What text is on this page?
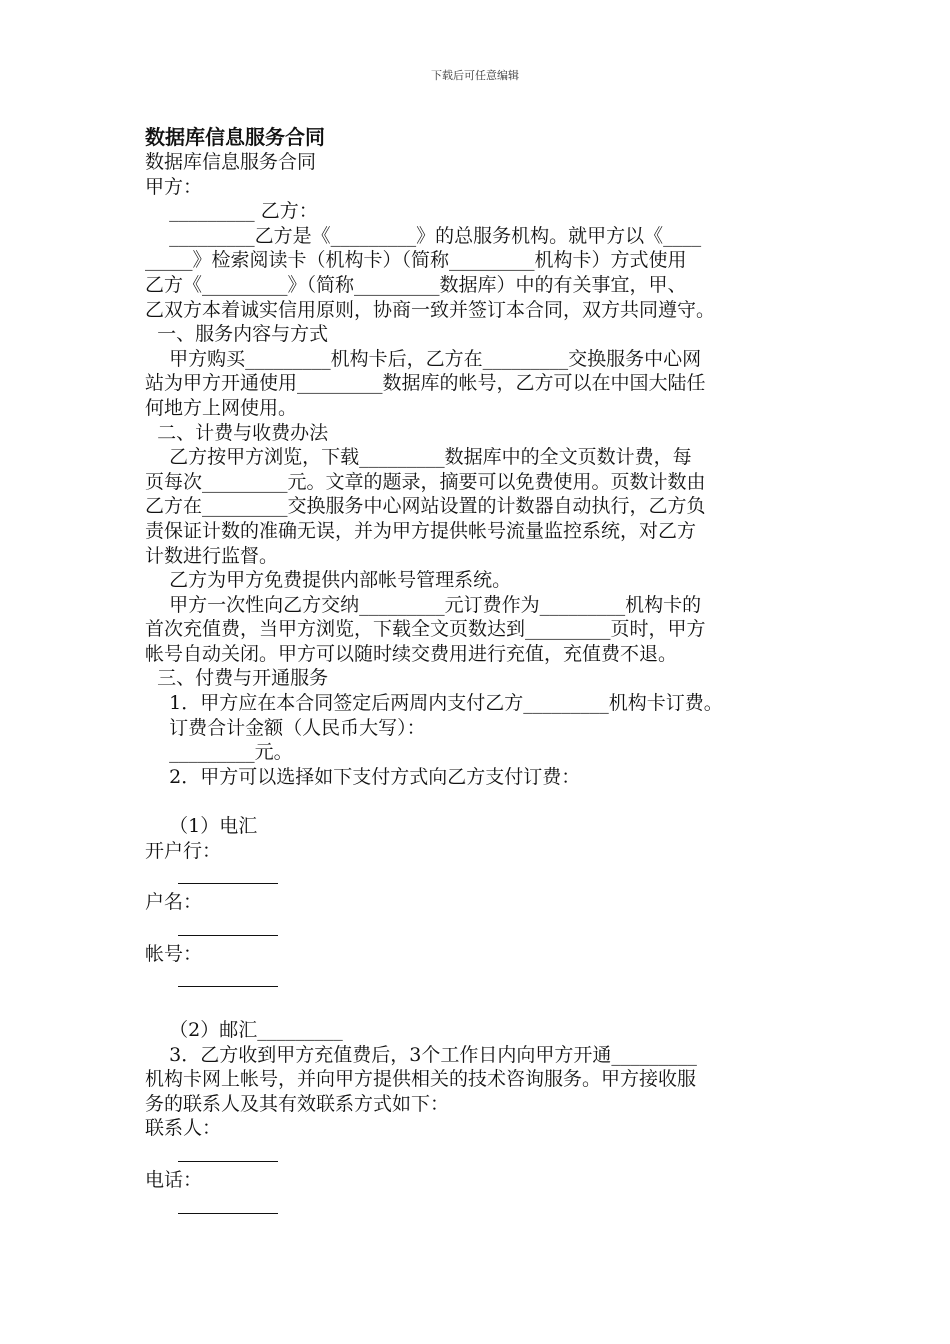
下载后可任意编辑

数据库信息服务合同

数据库信息服务合同
甲方：
_________ 乙方：
_________乙方是《_________》的总服务机构。就甲方以《____
_____》检索阅读卡（机构卡）（简称_________机构卡）方式使用
乙方《_________》（简称_________数据库）中的有关事宜，甲、
乙双方本着诚实信用原则，协商一致并签订本合同，双方共同遵守。
一、服务内容与方式
甲方购买_________机构卡后，乙方在_________交换服务中心网
站为甲方开通使用_________数据库的帐号，乙方可以在中国大陆任
何地方上网使用。
二、计费与收费办法
乙方按甲方浏览，下载_________数据库中的全文页数计费，每
页每次_________元。文章的题录，摘要可以免费使用。页数计数由
乙方在_________交换服务中心网站设置的计数器自动执行，乙方负
责保证计数的准确无误，并为甲方提供帐号流量监控系统，对乙方
计数进行监督。
乙方为甲方免费提供内部帐号管理系统。
甲方一次性向乙方交纳_________元订费作为_________机构卡的
首次充值费，当甲方浏览，下载全文页数达到_________页时，甲方
帐号自动关闭。甲方可以随时续交费用进行充值，充值费不退。
三、付费与开通服务
1．甲方应在本合同签定后两周内支付乙方_________机构卡订费。
订费合计金额（人民币大写）：
_________元。
2．甲方可以选择如下支付方式向乙方支付订费：
（1）电汇
开户行：
户名：
帐号：
（2）邮汇_________
3．乙方收到甲方充值费后，3个工作日内向甲方开通_________
机构卡网上帐号，并向甲方提供相关的技术咨询服务。甲方接收服
务的联系人及其有效联系方式如下：
联系人：
电话：
